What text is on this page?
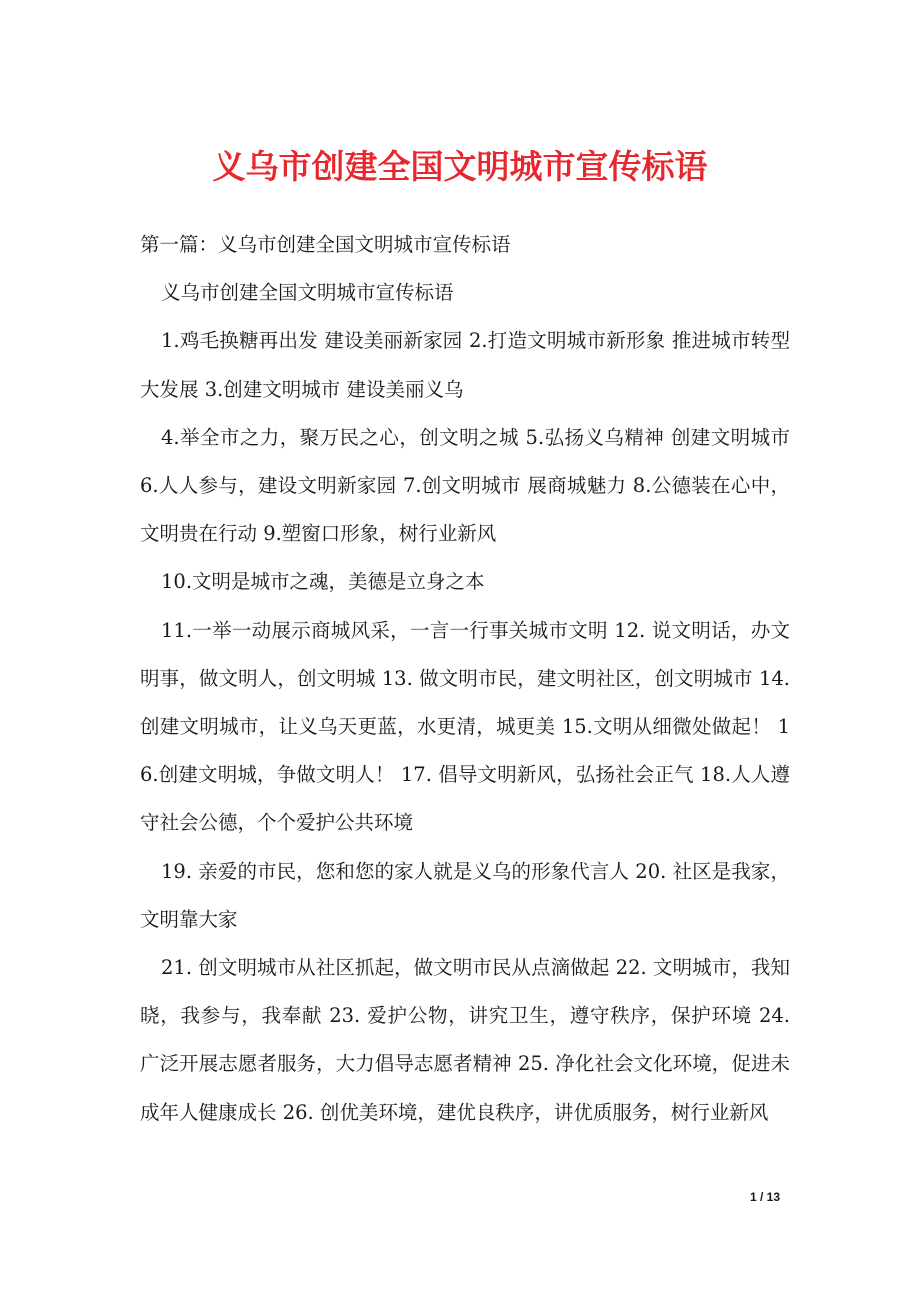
义乌市创建全国文明城市宣传标语

第一篇：义乌市创建全国文明城市宣传标语

义乌市创建全国文明城市宣传标语

1.鸡毛换糖再出发 建设美丽新家园 2.打造文明城市新形象 推进城市转型大发展 3.创建文明城市 建设美丽义乌

4.举全市之力，聚万民之心，创文明之城 5.弘扬义乌精神 创建文明城市 6.人人参与，建设文明新家园 7.创文明城市 展商城魅力 8.公德装在心中，文明贵在行动 9.塑窗口形象，树行业新风

10.文明是城市之魂，美德是立身之本

11.一举一动展示商城风采，一言一行事关城市文明 12. 说文明话，办文明事，做文明人，创文明城 13. 做文明市民，建文明社区，创文明城市 14. 创建文明城市，让义乌天更蓝，水更清，城更美 15.文明从细微处做起！ 16.创建文明城，争做文明人！ 17. 倡导文明新风，弘扬社会正气 18.人人遵守社会公德，个个爱护公共环境

19. 亲爱的市民，您和您的家人就是义乌的形象代言人 20. 社区是我家，文明靠大家

21. 创文明城市从社区抓起，做文明市民从点滴做起 22. 文明城市，我知晓，我参与，我奉献 23. 爱护公物，讲究卫生，遵守秩序，保护环境 24. 广泛开展志愿者服务，大力倡导志愿者精神 25. 净化社会文化环境，促进未成年人健康成长 26. 创优美环境，建优良秩序，讲优质服务，树行业新风

1 / 13
